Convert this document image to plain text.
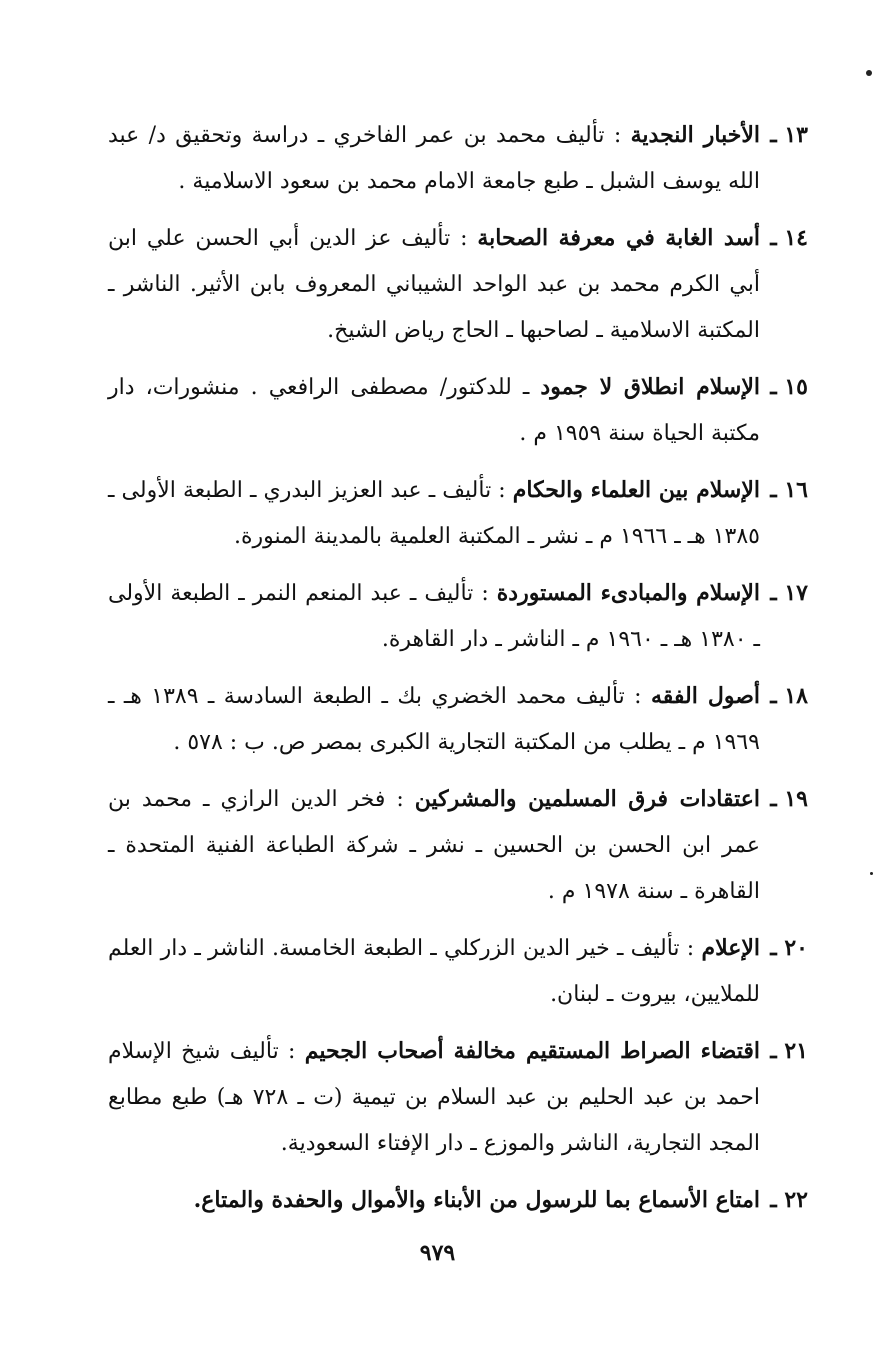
١٣ ـ
الأخبار النجدية : تأليف محمد بن عمر الفاخري ـ دراسة وتحقيق د/ عبد الله يوسف الشبل ـ طبع جامعة الامام محمد بن سعود الاسلامية .
١٤ ـ
أسد الغابة في معرفة الصحابة : تأليف عز الدين أبي الحسن علي ابن أبي الكرم محمد بن عبد الواحد الشيباني المعروف بابن الأثير. الناشر ـ المكتبة الاسلامية ـ لصاحبها ـ الحاج رياض الشيخ.
١٥ ـ
الإسلام انطلاق لا جمود ـ للدكتور/ مصطفى الرافعي . منشورات، دار مكتبة الحياة سنة ١٩٥٩ م .
١٦ ـ
الإسلام بين العلماء والحكام : تأليف ـ عبد العزيز البدري ـ الطبعة الأولى ـ ١٣٨٥ هـ ـ ١٩٦٦ م ـ نشر ـ المكتبة العلمية بالمدينة المنورة.
١٧ ـ
الإسلام والمبادىء المستوردة : تأليف ـ عبد المنعم النمر ـ الطبعة الأولى ـ ١٣٨٠ هـ ـ ١٩٦٠ م ـ الناشر ـ دار القاهرة.
١٨ ـ
أصول الفقه : تأليف محمد الخضري بك ـ الطبعة السادسة ـ ١٣٨٩ هـ ـ ١٩٦٩ م ـ يطلب من المكتبة التجارية الكبرى بمصر ص. ب : ٥٧٨ .
١٩ ـ
اعتقادات فرق المسلمين والمشركين : فخر الدين الرازي ـ محمد بن عمر ابن الحسن بن الحسين ـ نشر ـ شركة الطباعة الفنية المتحدة ـ القاهرة ـ سنة ١٩٧٨ م .
٢٠ ـ
الإعلام : تأليف ـ خير الدين الزركلي ـ الطبعة الخامسة. الناشر ـ دار العلم للملايين، بيروت ـ لبنان.
٢١ ـ
اقتضاء الصراط المستقيم مخالفة أصحاب الجحيم : تأليف شيخ الإسلام احمد بن عبد الحليم بن عبد السلام بن تيمية (ت ـ ٧٢٨ هـ) طبع مطابع المجد التجارية، الناشر والموزع ـ دار الإفتاء السعودية.
٢٢ ـ
امتاع الأسماع بما للرسول من الأبناء والأموال والحفدة والمتاع.
٩٧٩
